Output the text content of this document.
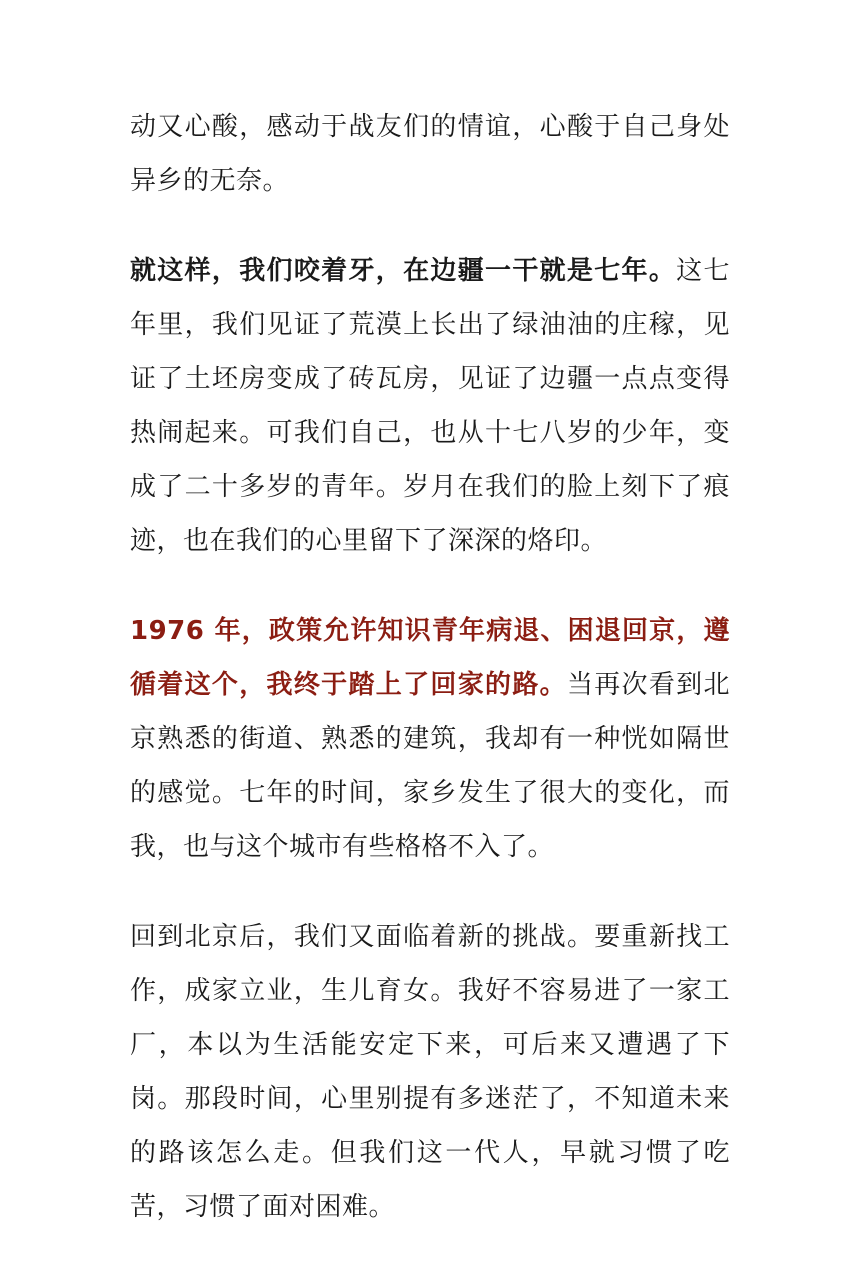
动又心酸，感动于战友们的情谊，心酸于自己身处异乡的无奈。

就这样，我们咬着牙，在边疆一干就是七年。这七年里，我们见证了荒漠上长出了绿油油的庄稼，见证了土坯房变成了砖瓦房，见证了边疆一点点变得热闹起来。可我们自己，也从十七八岁的少年，变成了二十多岁的青年。岁月在我们的脸上刻下了痕迹，也在我们的心里留下了深深的烙印。

1976 年，政策允许知识青年病退、困退回京，遵循着这个，我终于踏上了回家的路。当再次看到北京熟悉的街道、熟悉的建筑，我却有一种恍如隔世的感觉。七年的时间，家乡发生了很大的变化，而我，也与这个城市有些格格不入了。

回到北京后，我们又面临着新的挑战。要重新找工作，成家立业，生儿育女。我好不容易进了一家工厂，本以为生活能安定下来，可后来又遭遇了下岗。那段时间，心里别提有多迷茫了，不知道未来的路该怎么走。但我们这一代人，早就习惯了吃苦，习惯了面对困难。
